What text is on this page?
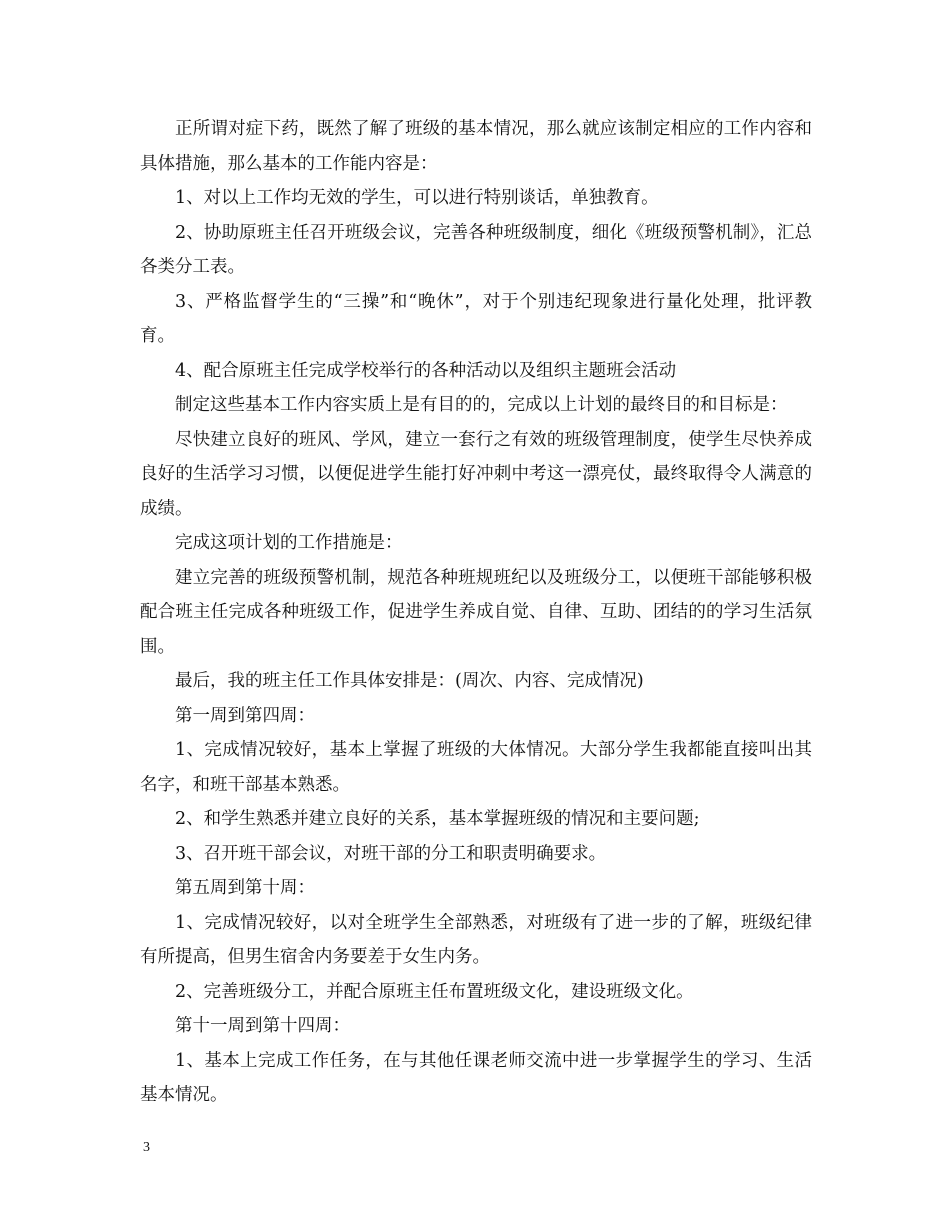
正所谓对症下药，既然了解了班级的基本情况，那么就应该制定相应的工作内容和具体措施，那么基本的工作能内容是：

1、对以上工作均无效的学生，可以进行特别谈话，单独教育。

2、协助原班主任召开班级会议，完善各种班级制度，细化《班级预警机制》，汇总各类分工表。

3、严格监督学生的“三操”和“晚休”，对于个别违纪现象进行量化处理，批评教育。

4、配合原班主任完成学校举行的各种活动以及组织主题班会活动

制定这些基本工作内容实质上是有目的的，完成以上计划的最终目的和目标是：

尽快建立良好的班风、学风，建立一套行之有效的班级管理制度，使学生尽快养成良好的生活学习习惯，以便促进学生能打好冲刺中考这一漂亮仗，最终取得令人满意的成绩。

完成这项计划的工作措施是：

建立完善的班级预警机制，规范各种班规班纪以及班级分工，以便班干部能够积极配合班主任完成各种班级工作，促进学生养成自觉、自律、互助、团结的的学习生活氛围。

最后，我的班主任工作具体安排是：(周次、内容、完成情况)

第一周到第四周：

1、完成情况较好，基本上掌握了班级的大体情况。大部分学生我都能直接叫出其名字，和班干部基本熟悉。

2、和学生熟悉并建立良好的关系，基本掌握班级的情况和主要问题;

3、召开班干部会议，对班干部的分工和职责明确要求。

第五周到第十周：

1、完成情况较好，以对全班学生全部熟悉，对班级有了进一步的了解，班级纪律有所提高，但男生宿舍内务要差于女生内务。

2、完善班级分工，并配合原班主任布置班级文化，建设班级文化。

第十一周到第十四周：

1、基本上完成工作任务，在与其他任课老师交流中进一步掌握学生的学习、生活基本情况。

3
